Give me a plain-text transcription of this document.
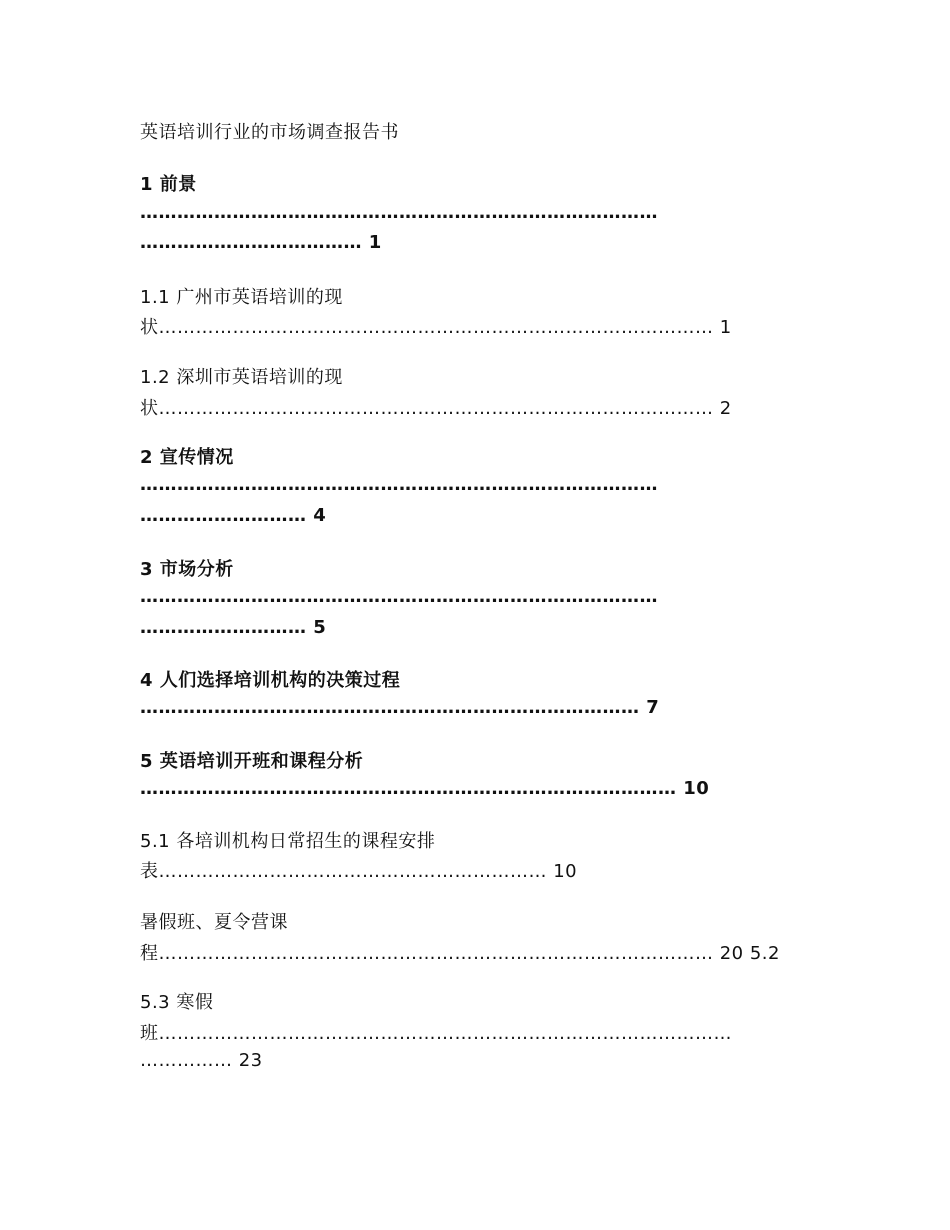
英语培训行业的市场调查报告书
1 前景
…………………………………………………………………………
……………………………… 1
1.1 广州市英语培训的现
状……………………………………………………………………………… 1
1.2 深圳市英语培训的现
状……………………………………………………………………………… 2
2 宣传情况
…………………………………………………………………………
……………………… 4
3 市场分析
…………………………………………………………………………
……………………… 5
4 人们选择培训机构的决策过程
……………………………………………………………………… 7
5 英语培训开班和课程分析
…………………………………………………………………………… 10
5.1 各培训机构日常招生的课程安排
表……………………………………………………… 10
暑假班、夏令营课
程……………………………………………………………………………… 20 5.2
5.3 寒假
班…………………………………………………………………………………
…………… 23
